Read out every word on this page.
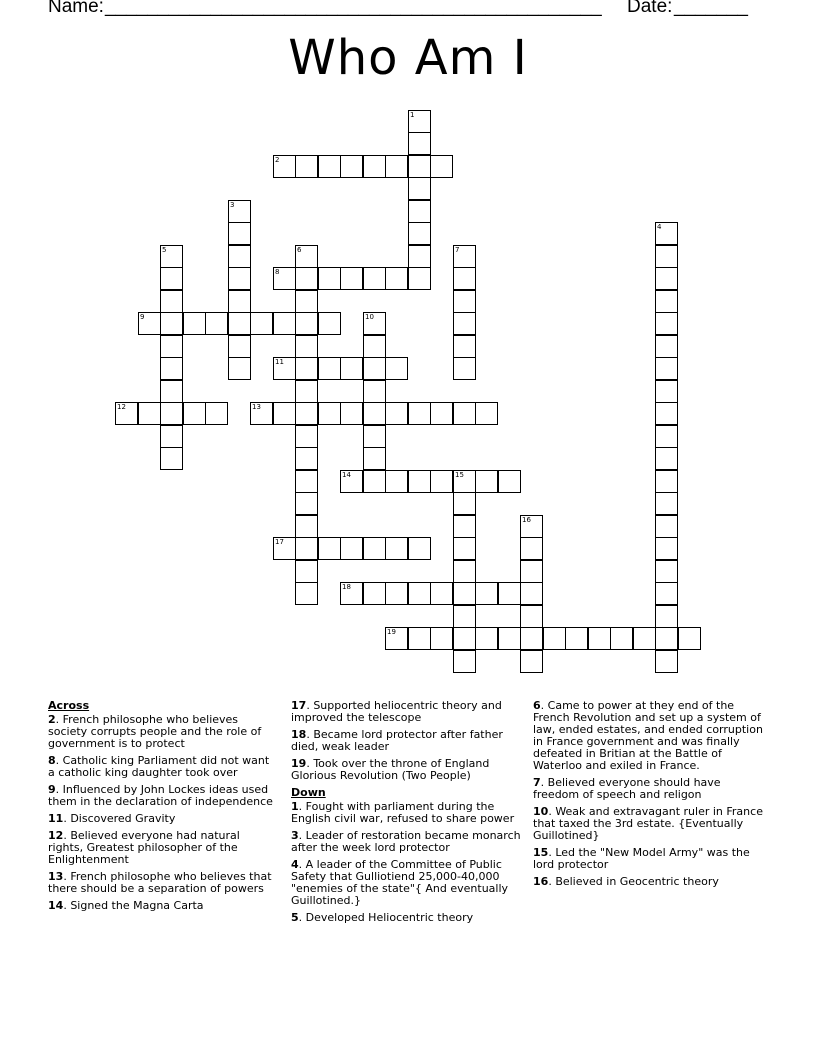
Name:
_______________________________________________ Date:
_______
Who Am I
1
2
3
4
5	6	7
8
9	10
11
12	13
14	15
16
17
18
19
Across
2. French philosophe who believes society corrupts people and the role of government is to protect
8. Catholic king Parliament did not want a catholic king daughter took over
9. Influenced by John Lockes ideas used them in the declaration of independence
11. Discovered Gravity
12. Believed everyone had natural rights, Greatest philosopher of the Enlightenment
13. French philosophe who believes that there should be a separation of powers
14. Signed the Magna Carta
17. Supported heliocentric theory and improved the telescope
18. Became lord protector after father died, weak leader
19. Took over the throne of England Glorious Revolution (Two People)
Down
1. Fought with parliament during the English civil war, refused to share power
3. Leader of restoration became monarch after the week lord protector
4. A leader of the Committee of Public Safety that Gulliotiend 25,000-40,000 "enemies of the state"{ And eventually Guillotined.}
5. Developed Heliocentric theory
6. Came to power at they end of the French Revolution and set up a system of law, ended estates, and ended corruption in France government and was finally defeated in Britian at the Battle of Waterloo and exiled in France.
7. Believed everyone should have freedom of speech and religon
10. Weak and extravagant ruler in France that taxed the 3rd estate. {Eventually Guillotined}
15. Led the "New Model Army" was the lord protector
16. Believed in Geocentric theory
